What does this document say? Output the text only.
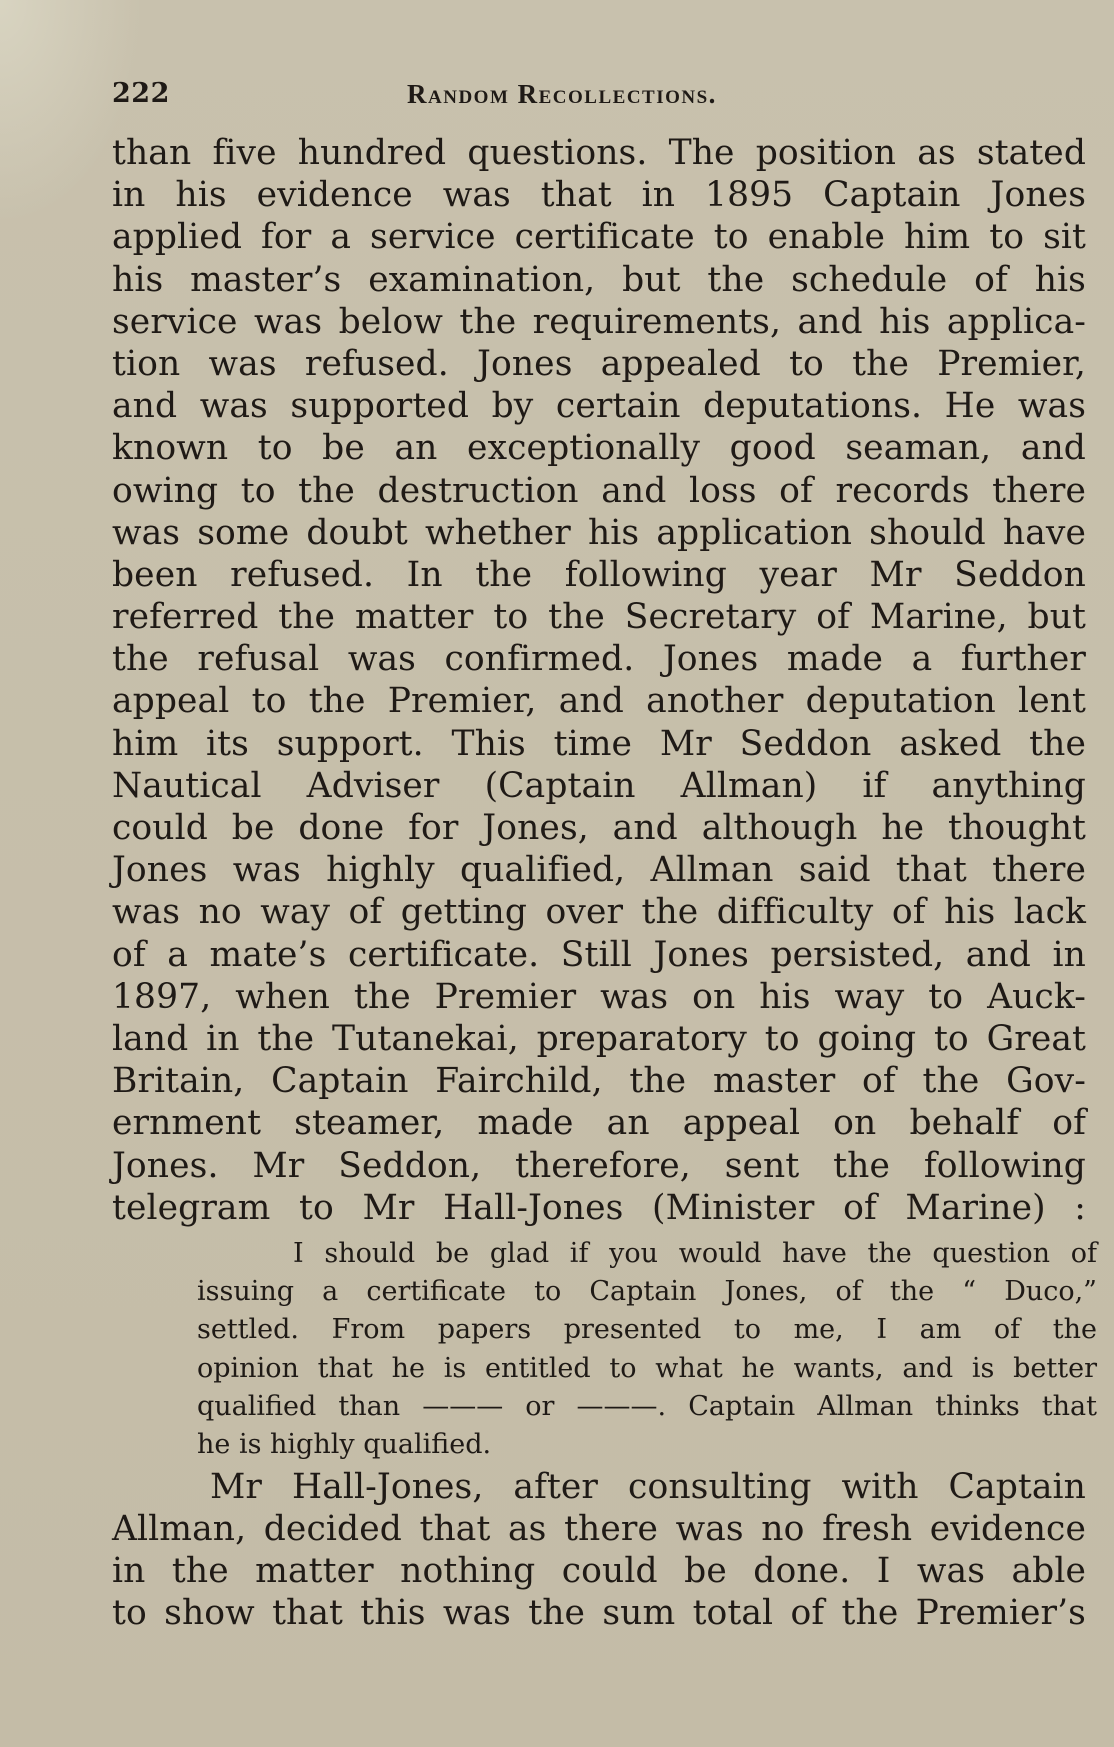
222	Random Recollections.
than five hundred questions. The position as stated
in his evidence was that in 1895 Captain Jones
applied for a service certificate to enable him to sit
his master’s examination, but the schedule of his
service was below the requirements, and his applica-
tion was refused. Jones appealed to the Premier,
and was supported by certain deputations. He was
known to be an exceptionally good seaman, and
owing to the destruction and loss of records there
was some doubt whether his application should have
been refused. In the following year Mr Seddon
referred the matter to the Secretary of Marine, but
the refusal was confirmed. Jones made a further
appeal to the Premier, and another deputation lent
him its support. This time Mr Seddon asked the
Nautical Adviser (Captain Allman) if anything
could be done for Jones, and although he thought
Jones was highly qualified, Allman said that there
was no way of getting over the difficulty of his lack
of a mate’s certificate. Still Jones persisted, and in
1897, when the Premier was on his way to Auck-
land in the Tutanekai, preparatory to going to Great
Britain, Captain Fairchild, the master of the Gov-
ernment steamer, made an appeal on behalf of
Jones. Mr Seddon, therefore, sent the following
telegram to Mr Hall-Jones (Minister of Marine) :
I should be glad if you would have the question of
issuing a certificate to Captain Jones, of the “ Duco,”
settled. From papers presented to me, I am of the
opinion that he is entitled to what he wants, and is better
qualified than ——— or ———. Captain Allman thinks that
he is highly qualified.
Mr Hall-Jones, after consulting with Captain
Allman, decided that as there was no fresh evidence
in the matter nothing could be done. I was able
to show that this was the sum total of the Premier’s
